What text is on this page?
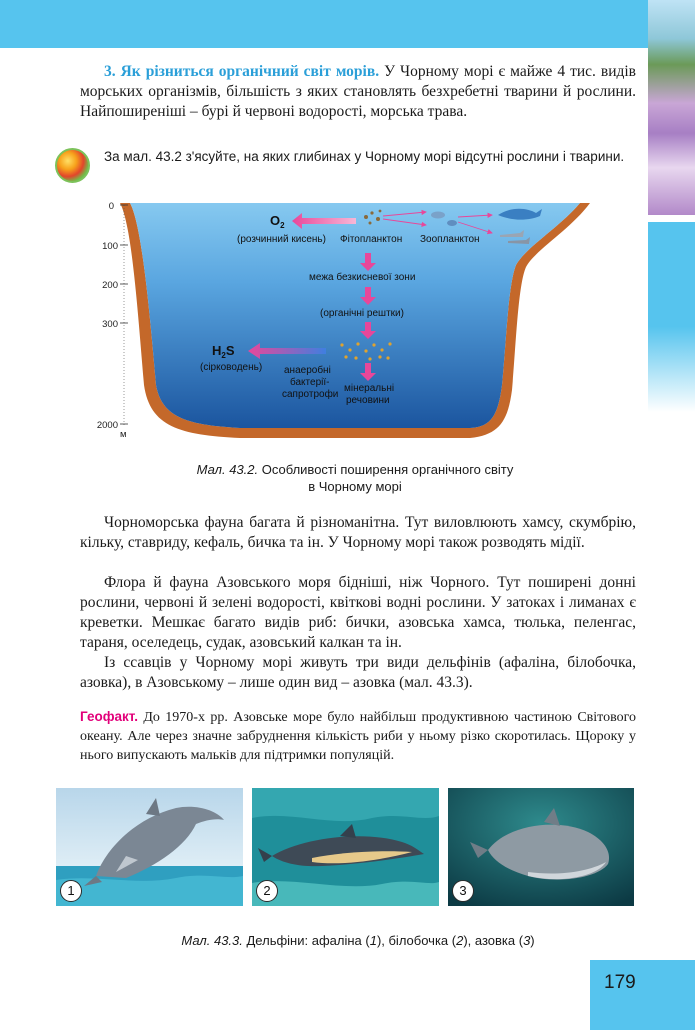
3. Як різниться органічний світ морів. У Чорному морі є майже 4 тис. видів морських організмів, більшість з яких становлять безхребетні тварини й рослини. Найпоширеніші – бурі й червоні водорості, морська трава.

За мал. 43.2 з'ясуйте, на яких глибинах у Чорному морі відсутні рослини і тварини.

0
100
200
300
2000
м
$O_2$
(розчинний кисень) Фітопланктон Зоопланктон
межа безкисневої зони
(органічні рештки)
$H_2S$
(сірководень) анаеробні
бактерії-
сапротрофи
мінеральні
речовини
Мал. 43.2. Особливості поширення органічного світу
в Чорному морі

Чорноморська фауна багата й різноманітна. Тут виловлюють хамсу, скумбрію, кільку, ставриду, кефаль, бичка та ін. У Чорному морі також розводять мідії.

Флора й фауна Азовського моря бідніші, ніж Чорного. Тут поширені донні рослини, червоні й зелені водорості, квіткові водні рослини. У затоках і лиманах є креветки. Мешкає багато видів риб: бички, азовська хамса, тюлька, пеленгас, тараня, оселедець, судак, азовський калкан та ін.

Із ссавців у Чорному морі живуть три види дельфінів (афаліна, білобочка, азовка), в Азовському – лише один вид – азовка (мал. 43.3).

Геофакт. До 1970-х рр. Азовське море було найбільш продуктивною частиною Світового океану. Але через значне забруднення кількість риби у ньому різко скоротилась. Щороку у нього випускають мальків для підтримки популяцій.

1	2	3
Мал. 43.3. Дельфіни: афаліна (1), білобочка (2), азовка (3)
179
